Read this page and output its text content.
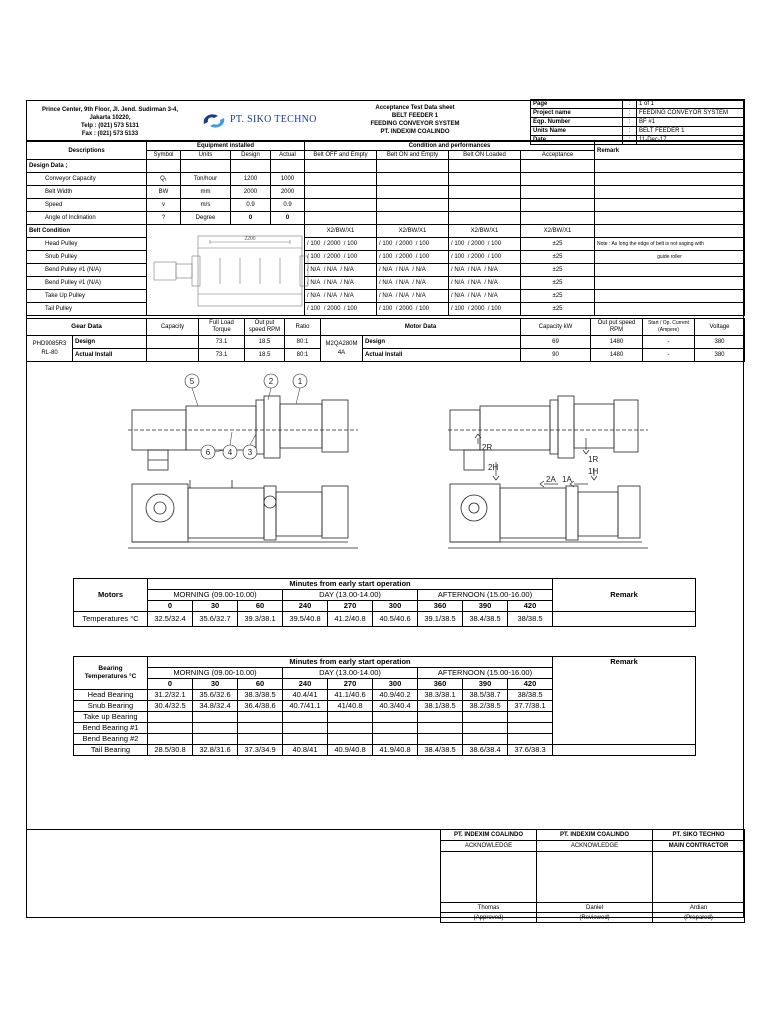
Prince Center, 9th Floor, Jl. Jend. Sudirman 3-4,
Jakarta 10220,
Telp : (021) 573 5131
Fax : (021) 573 5133
PT. SIKO TECHNO
Acceptance Test Data sheet
BELT FEEDER 1
FEEDING CONVEYOR SYSTEM
PT. INDEXIM COALINDO
Page	:	1 of 1
Project name	:	FEEDING CONVEYOR SYSTEM
Eqp. Number	:	BF #1
Units Name	:	BELT FEEDER 1
Date	:	11-Dec-17
Descriptions	Equipment installed				Condition and performances				Remark
	Symbol	Units	Design	Actual	Belt OFF and Empty	Belt ON and Empty	Belt ON Loaded	Acceptance	
Design Data ;									
Conveyor Capacity	Q₁	Ton/hour	1200	1000					
Belt Width	BW	mm	2000	2000					
Speed	v	m/s	0.9	0.9					
Angle of Inclination	?	Degree	0	0					
Belt Condition					X2/BW/X1	X2/BW/X1	X2/BW/X1	X2/BW/X1	
Head Pulley					/ 100 / 2000 / 100	/ 100 / 2000 / 100	/ 100 / 2000 / 100	±25	Note : As long the edge of belt is not saging with
Snub Pulley					/ 100 / 2000 / 100	/ 100 / 2000 / 100	/ 100 / 2000 / 100	±25	guide roller
Bend Pulley #1 (N/A)					/ N/A / N/A / N/A	/ N/A / N/A / N/A	/ N/A / N/A / N/A	±25	
Bend Pulley #1 (N/A)					/ N/A / N/A / N/A	/ N/A / N/A / N/A	/ N/A / N/A / N/A	±25	
Take Up Pulley					/ N/A / N/A / N/A	/ N/A / N/A / N/A	/ N/A / N/A / N/A	±25	
Tail Pulley					/ 100 / 2000 / 100	/ 100 / 2000 / 100	/ 100 / 2000 / 100	±25	
2200
Gear Data		Capacity	Full Load Torque	Out put speed RPM	Ratio	Motor Data		Capacity kW	Out put speed RPM	Start / Op. Current (Ampere)	Voltage
PHD9085R3 RL-80	Design		73.1	18.5	80:1	M2QA280M 4A	Design	69	1480	-	380
	Actual Install		73.1	18.5	80:1		Actual Install	90	1480	-	380
5	2	1
6 4 3
2R
1R
2H	1H
2A 1A
Motors	Minutes from early start operation									Remark
	MORNING (09.00-10.00)			DAY (13.00-14.00)			AFTERNOON (15.00-16.00)			
	0	30	60	240	270	300	360	390	420	
Temperatures °C	32.5/32.4	35.6/32.7	39.3/38.1	39.5/40.8	41.2/40.8	40.5/40.6	39.1/38.5	38.4/38.5	38/38.5	
Bearing
Temperatures °C	Minutes from early start operation									Remark
	MORNING (09.00-10.00)			DAY (13.00-14.00)			AFTERNOON (15.00-16.00)			
	0	30	60	240	270	300	360	390	420	
Head Bearing	31.2/32.1	35.6/32.6	38.3/38.5	40.4/41	41.1/40.6	40.9/40.2	38.3/38.1	38.5/38.7	38/38.5	
Snub Bearing	30.4/32.5	34.8/32.4	36.4/38.6	40.7/41.1	41/40.8	40.3/40.4	38.1/38.5	38.2/38.5	37.7/38.1	
Take up Bearing										
Bend Bearing #1										
Bend Bearing #2										
Tail Bearing	28.5/30.8	32.8/31.6	37.3/34.9	40.8/41	40.9/40.8	41.9/40.8	38.4/38.5	38.6/38.4	37.6/38.3	
PT. INDEXIM COALINDO	PT. INDEXIM COALINDO	PT. SIKO TECHNO
ACKNOWLEDGE	ACKNOWLEDGE	MAIN CONTRACTOR

Thomas	Daniel	Ardian
(Approved)	(Reviewed)	(Prepared)
